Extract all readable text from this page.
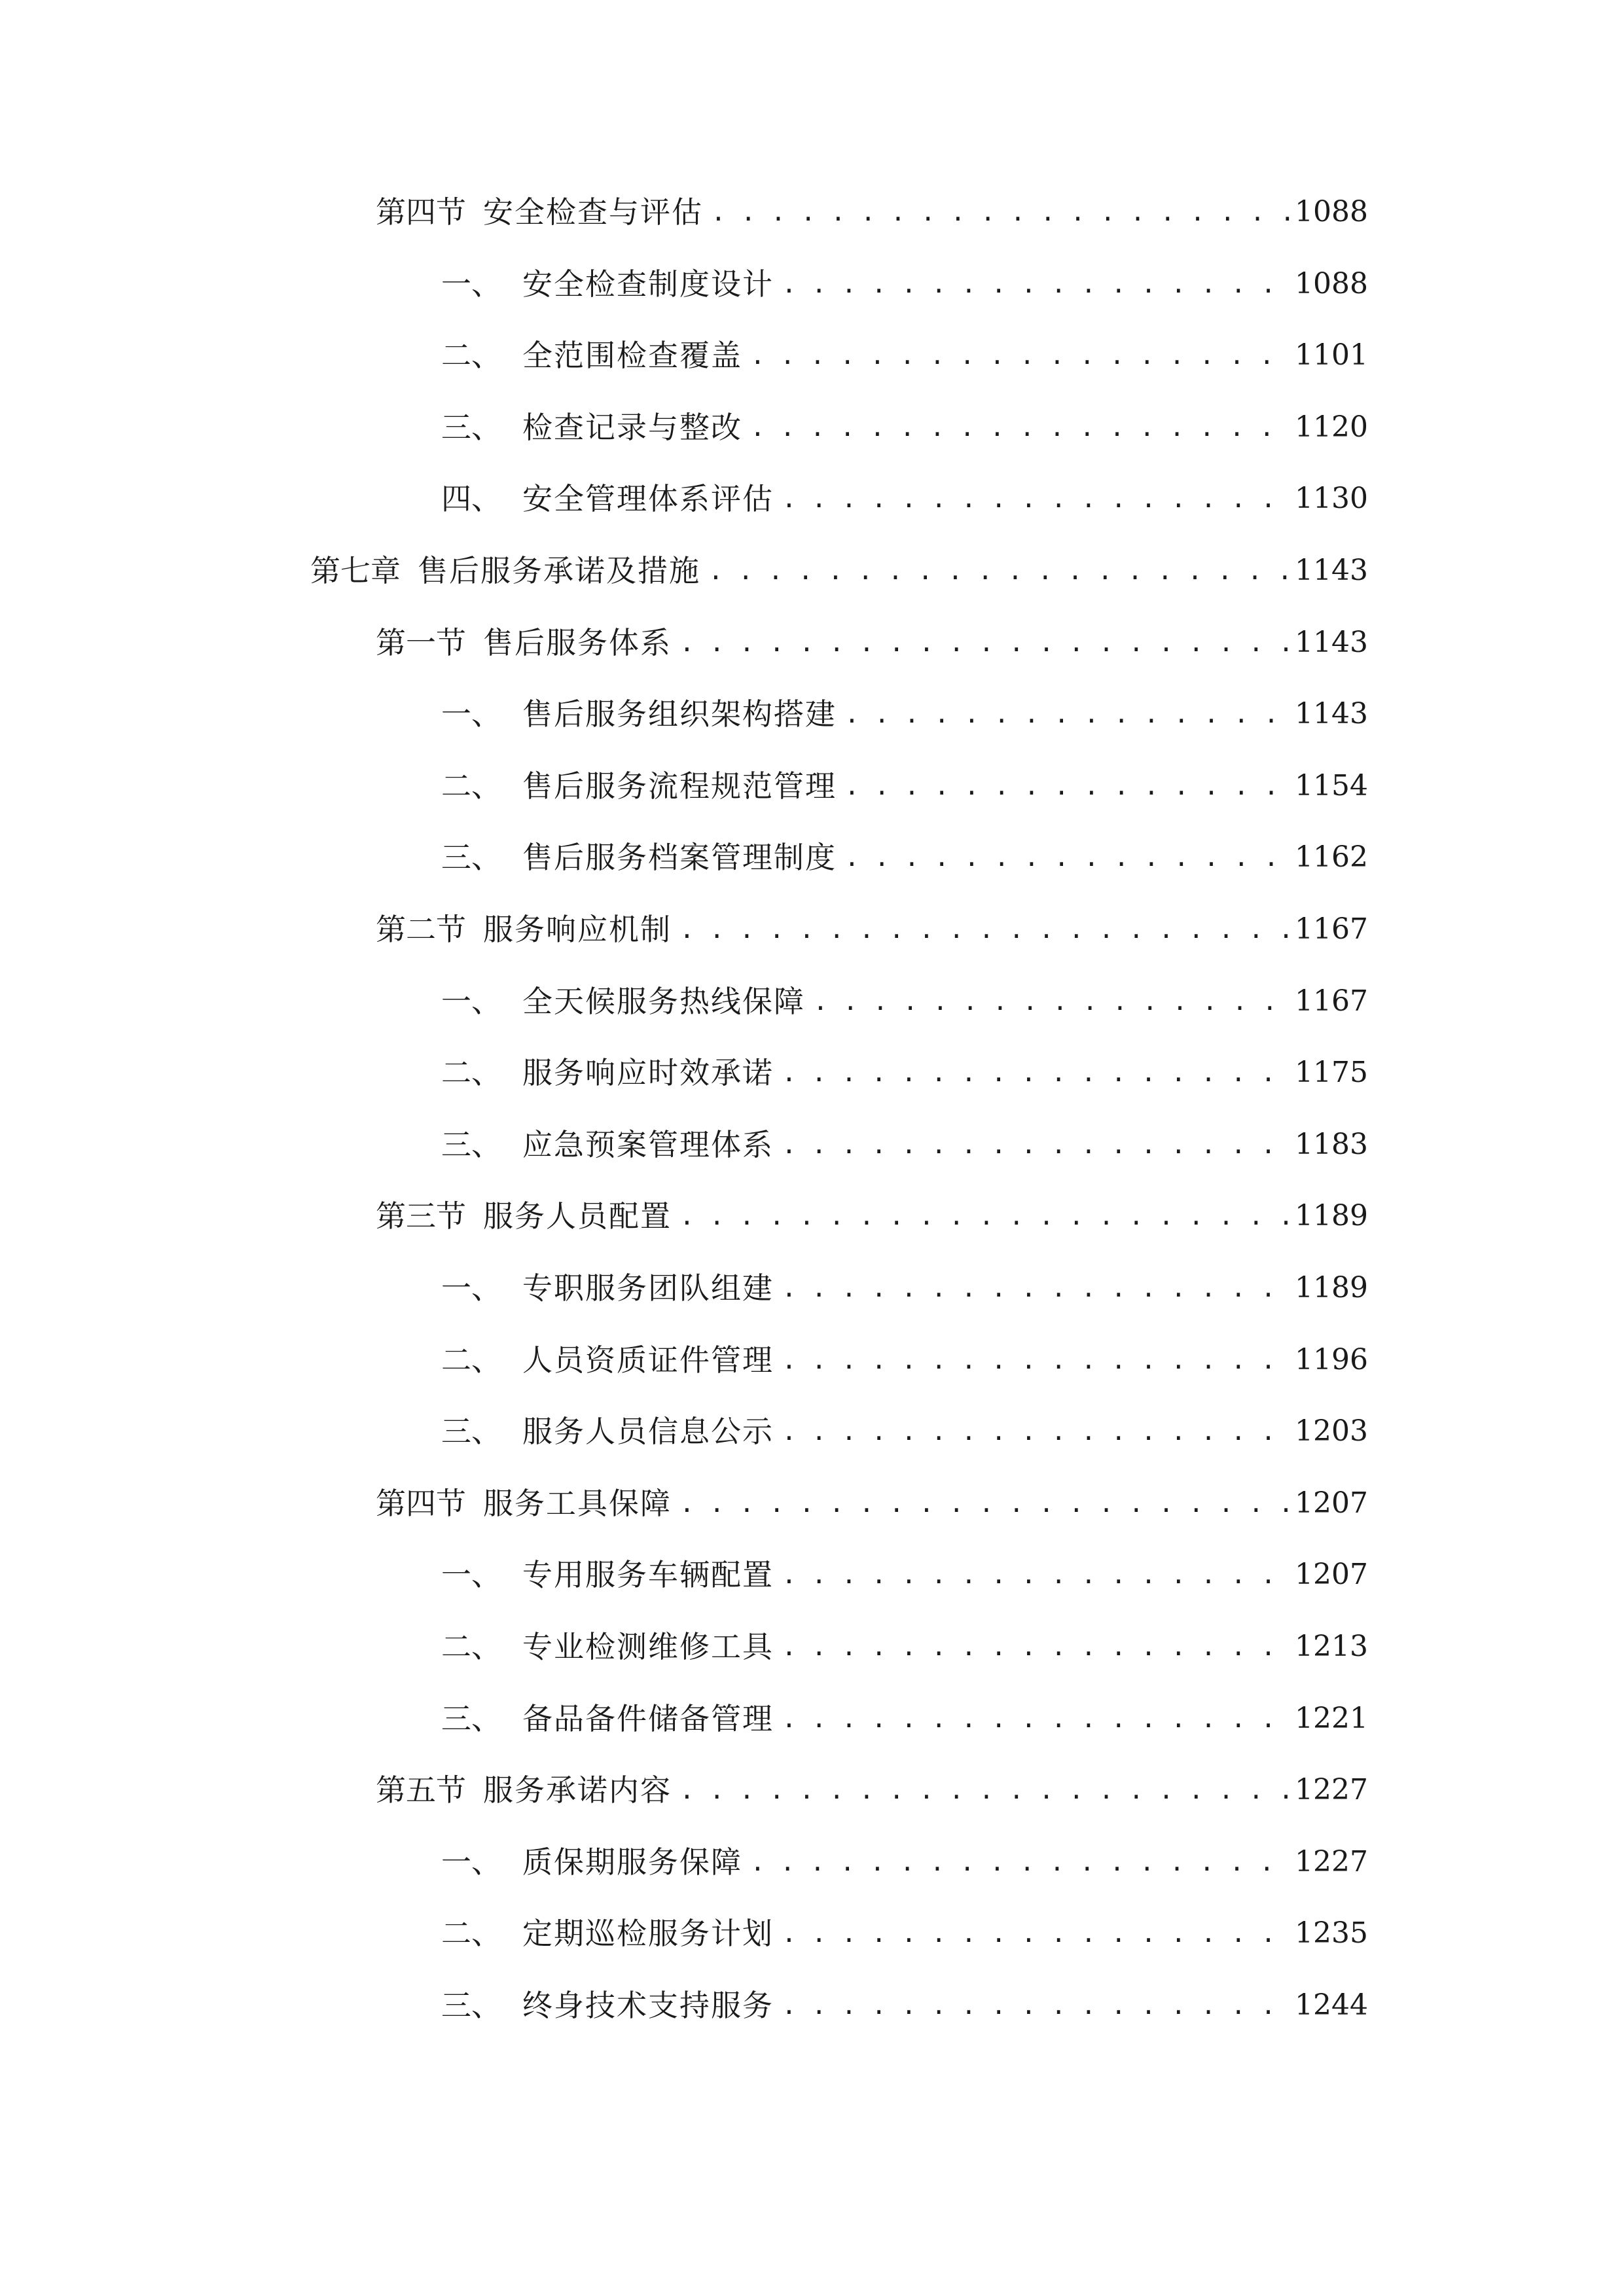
第四节 安全检查与评估 . . .	1088
一、 安全检查制度设计 . . .	1088
二、 全范围检查覆盖 . . .	1101
三、 检查记录与整改 . . .	1120
四、 安全管理体系评估 . . .	1130
第七章 售后服务承诺及措施 . . .	1143
第一节 售后服务体系 . . .	1143
一、 售后服务组织架构搭建 . . .	1143
二、 售后服务流程规范管理 . . .	1154
三、 售后服务档案管理制度 . . .	1162
第二节 服务响应机制 . . .	1167
一、 全天候服务热线保障 . . .	1167
二、 服务响应时效承诺 . . .	1175
三、 应急预案管理体系 . . .	1183
第三节 服务人员配置 . . .	1189
一、 专职服务团队组建 . . .	1189
二、 人员资质证件管理 . . .	1196
三、 服务人员信息公示 . . .	1203
第四节 服务工具保障 . . .	1207
一、 专用服务车辆配置 . . .	1207
二、 专业检测维修工具 . . .	1213
三、 备品备件储备管理 . . .	1221
第五节 服务承诺内容 . . .	1227
一、 质保期服务保障 . . .	1227
二、 定期巡检服务计划 . . .	1235
三、 终身技术支持服务 . . .	1244
